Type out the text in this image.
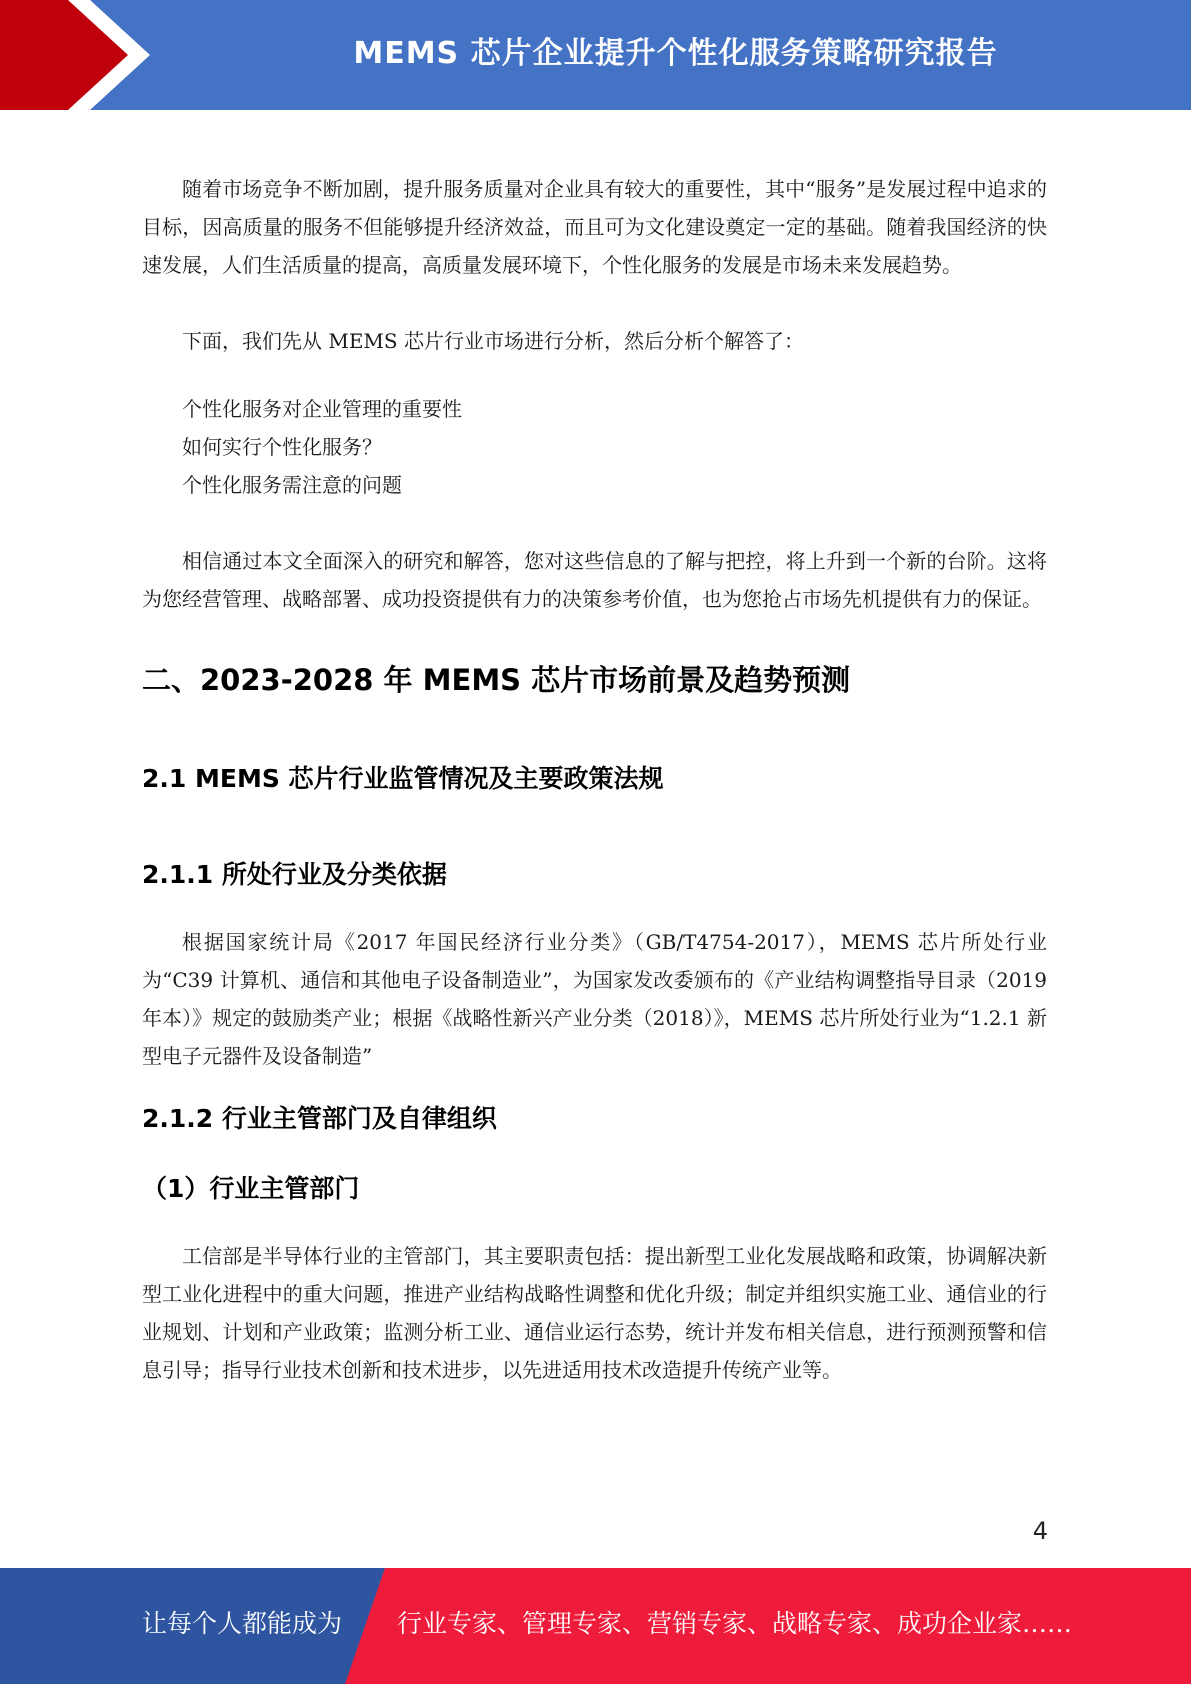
MEMS 芯片企业提升个性化服务策略研究报告

随着市场竞争不断加剧，提升服务质量对企业具有较大的重要性，其中“服务”是发展过程中追求的目标，因高质量的服务不但能够提升经济效益，而且可为文化建设奠定一定的基础。随着我国经济的快速发展，人们生活质量的提高，高质量发展环境下，个性化服务的发展是市场未来发展趋势。

下面，我们先从 MEMS 芯片行业市场进行分析，然后分析个解答了：

个性化服务对企业管理的重要性

如何实行个性化服务？

个性化服务需注意的问题

相信通过本文全面深入的研究和解答，您对这些信息的了解与把控，将上升到一个新的台阶。这将为您经营管理、战略部署、成功投资提供有力的决策参考价值，也为您抢占市场先机提供有力的保证。

二、2023-2028 年 MEMS 芯片市场前景及趋势预测
2.1 MEMS 芯片行业监管情况及主要政策法规
2.1.1 所处行业及分类依据

根据国家统计局《2017 年国民经济行业分类》（GB/T4754-2017），MEMS 芯片所处行业为“C39 计算机、通信和其他电子设备制造业”，为国家发改委颁布的《产业结构调整指导目录（2019 年本）》规定的鼓励类产业；根据《战略性新兴产业分类（2018）》，MEMS 芯片所处行业为“1.2.1 新型电子元器件及设备制造”

2.1.2 行业主管部门及自律组织
（1）行业主管部门

工信部是半导体行业的主管部门，其主要职责包括：提出新型工业化发展战略和政策，协调解决新型工业化进程中的重大问题，推进产业结构战略性调整和优化升级；制定并组织实施工业、通信业的行业规划、计划和产业政策；监测分析工业、通信业运行态势，统计并发布相关信息，进行预测预警和信息引导；指导行业技术创新和技术进步，以先进适用技术改造提升传统产业等。

4
让每个人都能成为 行业专家、管理专家、营销专家、战略专家、成功企业家……
